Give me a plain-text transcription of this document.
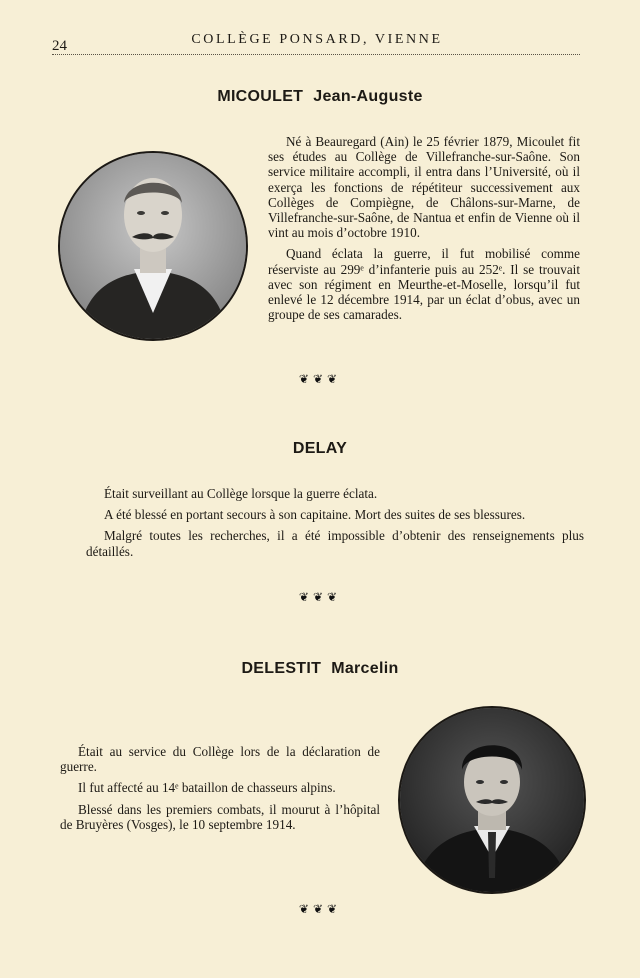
24	COLLÈGE PONSARD, VIENNE
MICOULET Jean-Auguste

Né à Beauregard (Ain) le 25 février 1879, Micoulet fit ses études au Collège de Villefranche-sur-Saône. Son service militaire accompli, il entra dans l’Université, où il exerça les fonctions de répétiteur successivement aux Collèges de Compiègne, de Châlons-sur-Marne, de Villefranche-sur-Saône, de Nantua et enfin de Vienne où il vint au mois d’octobre 1910.

Quand éclata la guerre, il fut mobilisé comme réserviste au 299ᵉ d’infanterie puis au 252ᵉ. Il se trouvait avec son régiment en Meurthe-et-Moselle, lorsqu’il fut enlevé le 12 décembre 1914, par un éclat d’obus, avec un groupe de ses camarades.

❦❦❦
DELAY

Était surveillant au Collège lorsque la guerre éclata.

A été blessé en portant secours à son capitaine. Mort des suites de ses blessures.

Malgré toutes les recherches, il a été impossible d’obtenir des renseignements plus détaillés.

❦❦❦
DELESTIT Marcelin

Était au service du Collège lors de la déclaration de guerre.

Il fut affecté au 14ᵉ bataillon de chasseurs alpins.

Blessé dans les premiers combats, il mourut à l’hôpital de Bruyères (Vosges), le 10 septembre 1914.

❦❦❦
